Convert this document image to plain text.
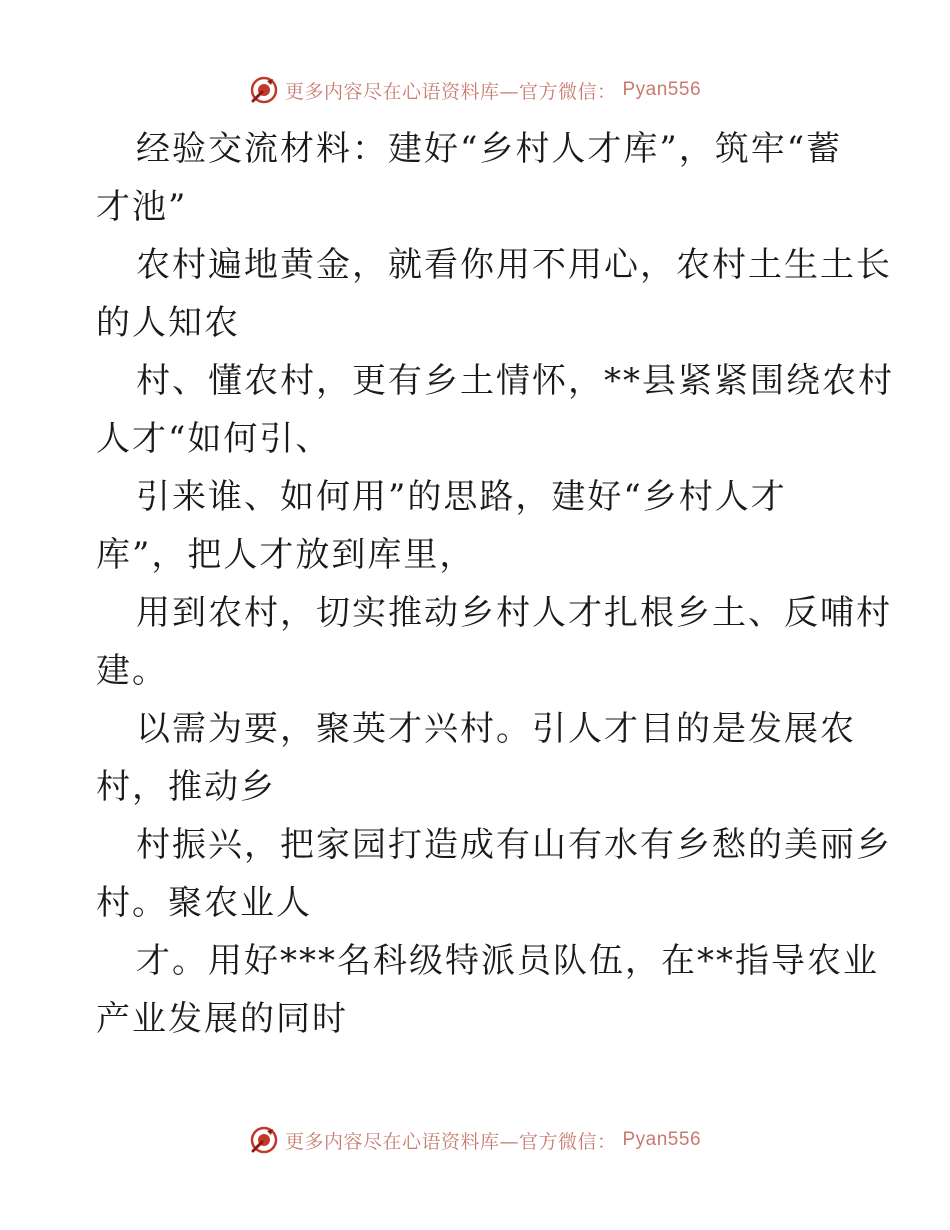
更多内容尽在心语资料库—官方微信： Pyan556
经验交流材料：建好“乡村人才库”，筑牢“蓄
才池”
农村遍地黄金，就看你用不用心，农村土生土长
的人知农
村、懂农村，更有乡土情怀，**县紧紧围绕农村
人才“如何引、
引来谁、如何用”的思路，建好“乡村人才
库”，把人才放到库里，
用到农村，切实推动乡村人才扎根乡土、反哺村
建。
以需为要，聚英才兴村。引人才目的是发展农
村，推动乡
村振兴，把家园打造成有山有水有乡愁的美丽乡
村。聚农业人
才。用好***名科级特派员队伍，在**指导农业
产业发展的同时
更多内容尽在心语资料库—官方微信： Pyan556
